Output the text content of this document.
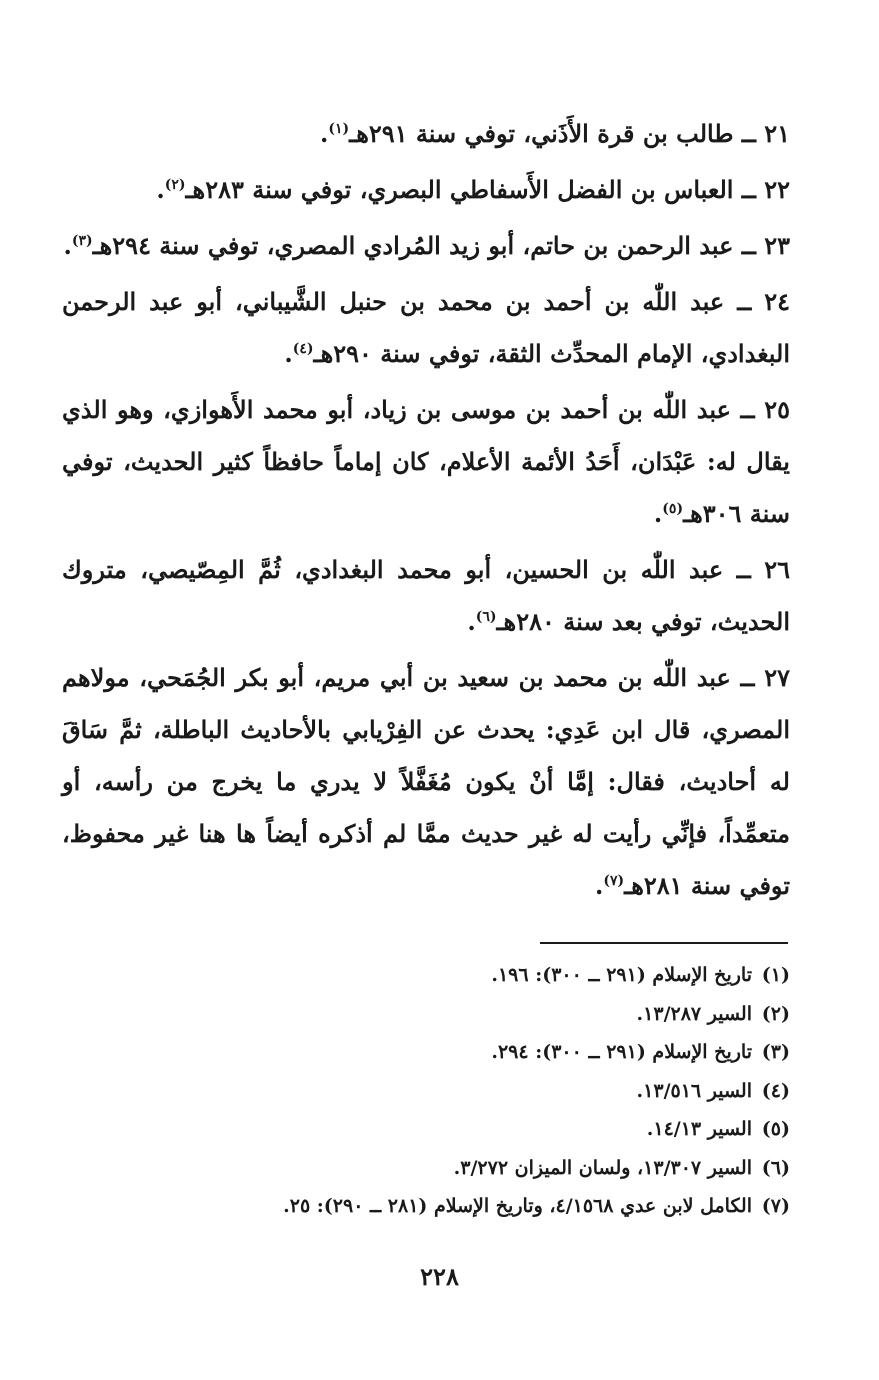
٢١ ــ طالب بن قرة الأَذَني، توفي سنة ٢٩١هـ$^{(١)}$.

٢٢ ــ العباس بن الفضل الأَسفاطي البصري، توفي سنة ٢٨٣هـ$^{(٢)}$.

٢٣ ــ عبد الرحمن بن حاتم، أبو زيد المُرادي المصري، توفي سنة ٢٩٤هـ$^{(٣)}$.

٢٤ ــ عبد اللّٰه بن أحمد بن محمد بن حنبل الشَّيباني، أبو عبد الرحمن البغدادي، الإمام المحدِّث الثقة، توفي سنة ٢٩٠هـ$^{(٤)}$.

٢٥ ــ عبد اللّٰه بن أحمد بن موسى بن زياد، أبو محمد الأَهوازي، وهو الذي يقال له: عَبْدَان، أَحَدُ الأئمة الأعلام، كان إماماً حافظاً كثير الحديث، توفي سنة ٣٠٦هـ$^{(٥)}$.

٢٦ ــ عبد اللّٰه بن الحسين، أبو محمد البغدادي، ثُمَّ المِصّيصي، متروك الحديث، توفي بعد سنة ٢٨٠هـ$^{(٦)}$.

٢٧ ــ عبد اللّٰه بن محمد بن سعيد بن أبي مريم، أبو بكر الجُمَحي، مولاهم المصري، قال ابن عَدِي: يحدث عن الفِرْيابي بالأحاديث الباطلة، ثمَّ سَاقَ له أحاديث، فقال: إمَّا أنْ يكون مُغَفَّلاً لا يدري ما يخرج من رأسه، أو متعمِّداً، فإنِّي رأيت له غير حديث ممَّا لم أذكره أيضاً ها هنا غير محفوظ، توفي سنة ٢٨١هـ$^{(٧)}$.

(١)تاريخ الإسلام (٢٩١ ــ ٣٠٠): ١٩٦.

(٢)السير ١٣/٢٨٧.

(٣)تاريخ الإسلام (٢٩١ ــ ٣٠٠): ٢٩٤.

(٤)السير ١٣/٥١٦.

(٥)السير ١٤/١٣.

(٦)السير ١٣/٣٠٧، ولسان الميزان ٣/٢٧٢.

(٧)الكامل لابن عدي ٤/١٥٦٨، وتاريخ الإسلام (٢٨١ ــ ٢٩٠): ٢٥.

٢٢٨
